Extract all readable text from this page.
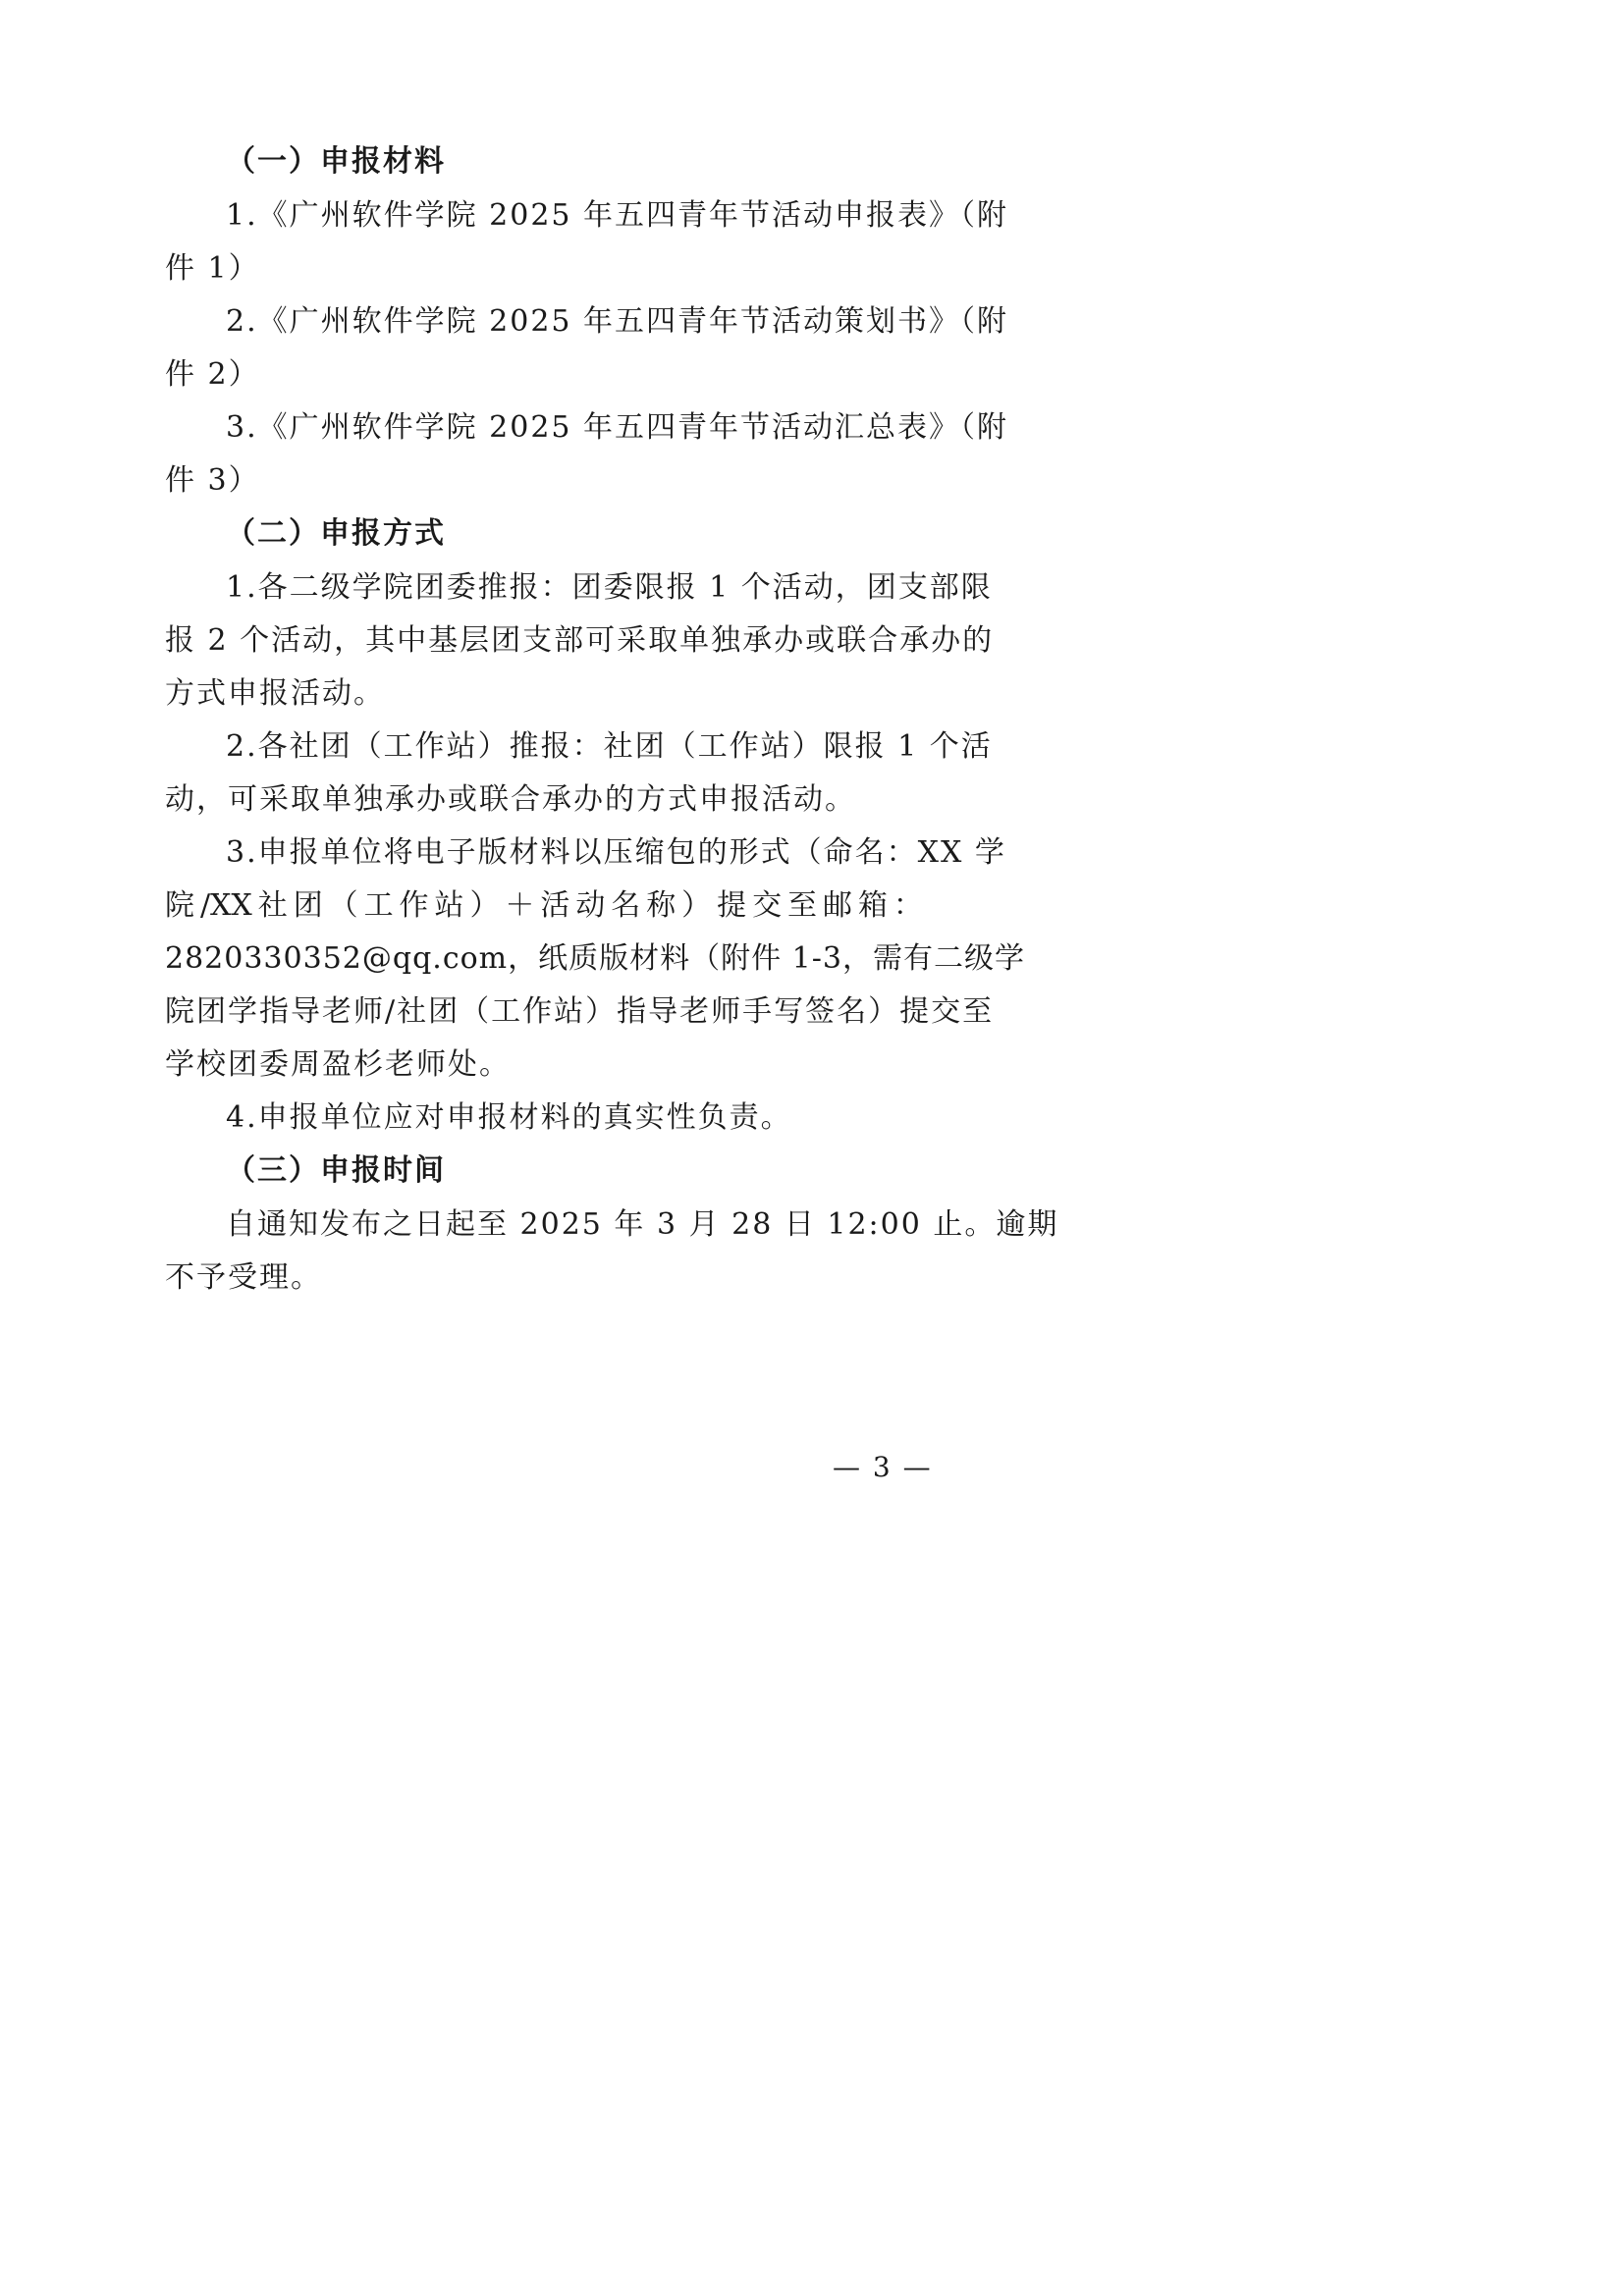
（一）申报材料
1.《广州软件学院 2025 年五四青年节活动申报表》（附
件 1）
2.《广州软件学院 2025 年五四青年节活动策划书》（附
件 2）
3.《广州软件学院 2025 年五四青年节活动汇总表》（附
件 3）
（二）申报方式
1.各二级学院团委推报：团委限报 1 个活动，团支部限
报 2 个活动，其中基层团支部可采取单独承办或联合承办的
方式申报活动。
2.各社团（工作站）推报：社团（工作站）限报 1 个活
动，可采取单独承办或联合承办的方式申报活动。
3.申报单位将电子版材料以压缩包的形式（命名：XX 学
院 /XX 社 团 （ 工 作 站 ） ＋ 活 动 名 称 ） 提 交 至 邮 箱 ：
2820330352@qq.com，纸质版材料（附件 1-3，需有二级学
院团学指导老师/社团（工作站）指导老师手写签名）提交至
学校团委周盈杉老师处。
4.申报单位应对申报材料的真实性负责。
（三）申报时间
自通知发布之日起至 2025 年 3 月 28 日 12:00 止。逾期
不予受理。
— 3 —
